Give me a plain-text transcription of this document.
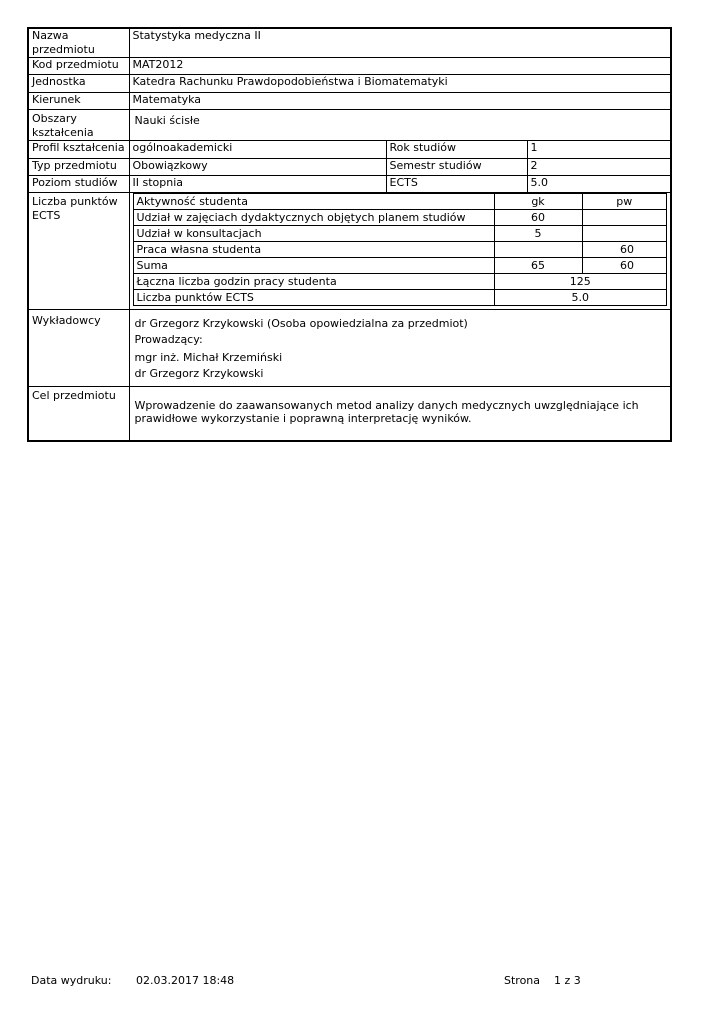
Nazwa przedmiotu	Statystyka medyczna II
Kod przedmiotu	MAT2012
Jednostka	Katedra Rachunku Prawdopodobieństwa i Biomatematyki
Kierunek	Matematyka
Obszary kształcenia	Nauki ścisłe
Profil kształcenia	ogólnoakademicki	Rok studiów	1
Typ przedmiotu	Obowiązkowy	Semestr studiów	2
Poziom studiów	II stopnia	ECTS	5.0
Liczba punktów ECTS	
Aktywność studenta	gk	pw
Udział w zajęciach dydaktycznych objętych planem studiów	60	
Udział w konsultacjach	5	
Praca własna studenta		60
Suma	65	60
Łączna liczba godzin pracy studenta	125
Liczba punktów ECTS	5.0

Wykładowcy	dr Grzegorz Krzykowski (Osoba opowiedzialna za przedmiot)
Prowadzący:
mgr inż. Michał Krzemiński
dr Grzegorz Krzykowski

Cel przedmiotu	Wprowadzenie do zaawansowanych metod analizy danych medycznych uwzględniające ich prawidłowe wykorzystanie i poprawną interpretację wyników.
Data wydruku: 02.03.2017 18:48	Strona 1 z 3
